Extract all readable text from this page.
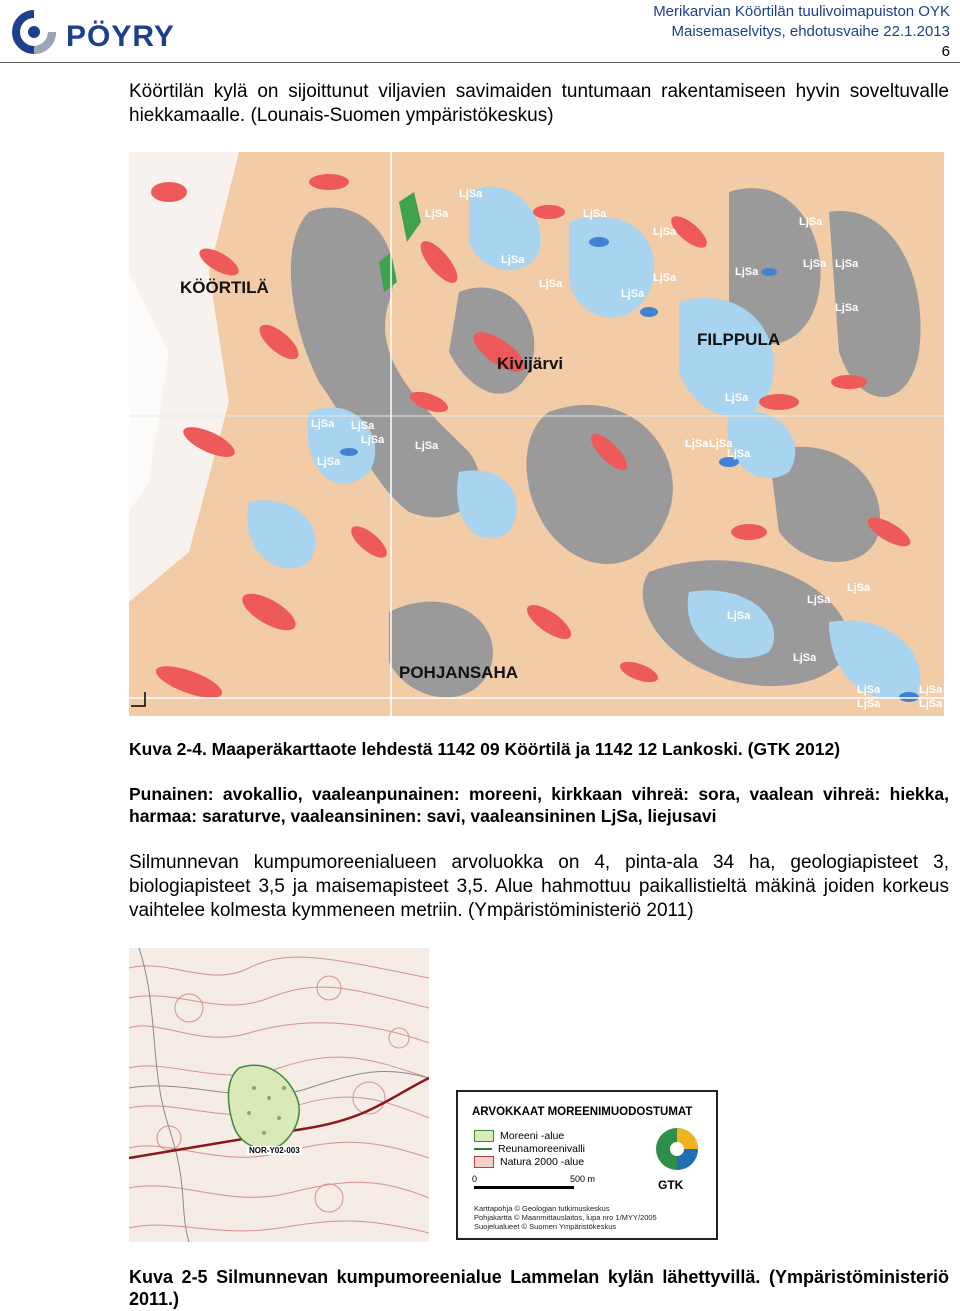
PÖYRY
Merikarvian Köörtilän tuulivoimapuiston OYK
Maisemaselvitys, ehdotusvaihe 22.1.2013
6
Köörtilän kylä on sijoittunut viljavien savimaiden tuntumaan rakentamiseen hyvin soveltuvalle hiekkamaalle. (Lounais-Suomen ympäristökeskus)
KÖÖRTILÄ
Kivijärvi
FILPPULA
POHJANSAHA
LjSa
LjSa	LjSa
LjSa
LjSa
LjSa
LjSa
LjSa
LjSa	LjSa
LjSa LjSa
LjSa
LjSa
LjSa LjSa
LjSa
LjSa
LjSa	LjSa LjSa
LjSa
LjSa
LjSa
LjSa
LjSa
LjSa	LjSa
LjSa	LjSa
Kuva 2-4. Maaperäkarttaote lehdestä 1142 09 Köörtilä ja 1142 12 Lankoski. (GTK 2012)
Punainen: avokallio, vaaleanpunainen: moreeni, kirkkaan vihreä: sora, vaalean vihreä: hiekka, harmaa: saraturve, vaaleansininen: savi, vaaleansininen LjSa, liejusavi
Silmunnevan kumpumoreenialueen arvoluokka on 4, pinta-ala 34 ha, geologiapisteet 3, biologiapisteet 3,5 ja maisemapisteet 3,5. Alue hahmottuu paikallistieltä mäkinä joiden korkeus vaihtelee kolmesta kymmeneen metriin. (Ympäristöministeriö 2011)
NOR-Y02-003
ARVOKKAAT MOREENIMUODOSTUMAT
Moreeni -alue
Reunamoreenivalli
Natura 2000 -alue
0	500 m
Karttapohja © Geologian tutkimuskeskus
Pohjakartta © Maanmittauslaitos, lupa nro 1/MYY/2005
Suojelualueet © Suomen Ympäristökeskus
GTK
Kuva 2-5 Silmunnevan kumpumoreenialue Lammelan kylän lähettyvillä. (Ympäristöministeriö 2011.)
